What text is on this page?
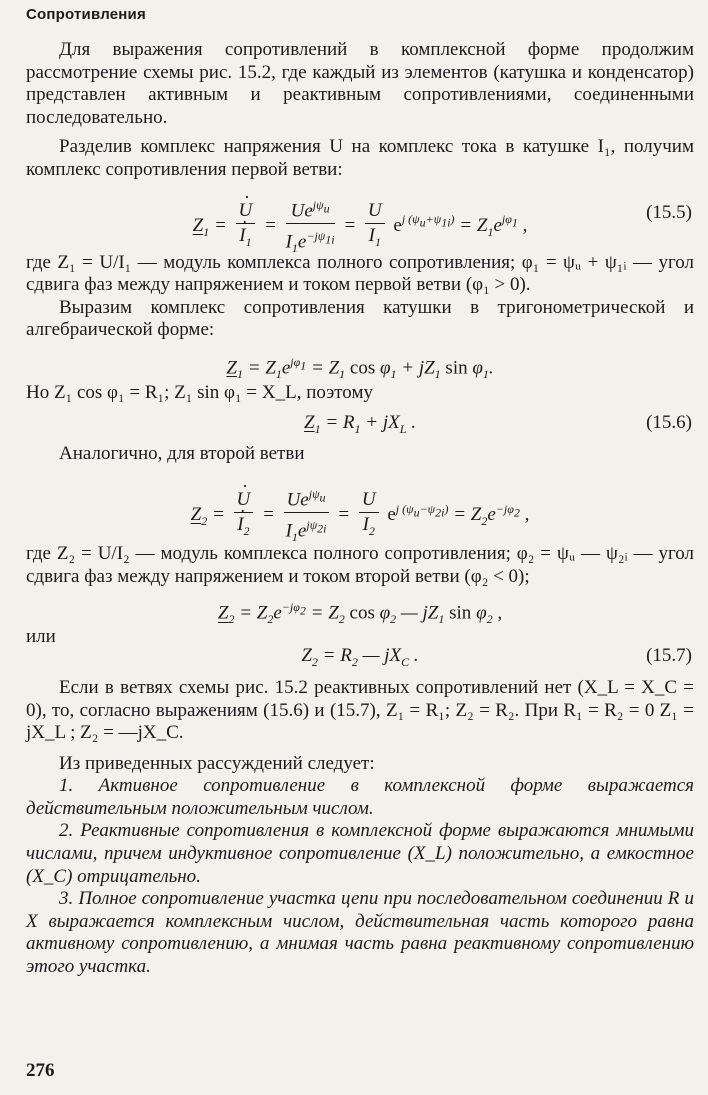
Сопротивления

Для выражения сопротивлений в комплексной форме продолжим рассмотрение схемы рис. 15.2, где каждый из элементов (катушка и конденсатор) представлен активным и реактивным сопротивлениями, соединенными последовательно.

Разделив комплекс напряжения U на комплекс тока в катушке I₁, получим комплекс сопротивления первой ветви:

$Z_1$ = · U
· $I_1 = \frac{Ue^{j\psi_u}}{I_1e^{-j\psi_{1i}}} = \frac{U}{I_1} e^{j (\psi_u+\psi_{1i})} = Z_1e^{j\varphi_1}$ ,
(15.5)

где Z₁ = U/I₁ — модуль комплекса полного сопротивления; φ₁ = ψᵤ + ψ₁ᵢ — угол сдвига фаз между напряжением и током первой ветви (φ₁ > 0).

Выразим комплекс сопротивления катушки в тригонометрической и алгебраической форме:

$Z_1 = Z_1e^{j\varphi_1} = Z_1$ $\cos \varphi_1 + jZ_1$ $\sin \varphi_1$.

Но Z₁ cos φ₁ = R₁; Z₁ sin φ₁ = X_L, поэтому

$Z_1 = R_1 + jX_L$ .	(15.6)

Аналогично, для второй ветви

$Z_2$ = · U
· $I_2 = \frac{Ue^{j\psi_u}}{I_1e^{j\psi_{2i}}} = \frac{U}{I_2} e^{j (\psi_u-\psi_{2i})} = Z_2e^{-j\varphi_2}$ ,

где Z₂ = U/I₂ — модуль комплекса полного сопротивления; φ₂ = ψᵤ — ψ₂ᵢ — угол сдвига фаз между напряжением и током второй ветви (φ₂ < 0);

$Z_2 = Z_2e^{-j\varphi_2} = Z_2$ $\cos \varphi_2$ — $jZ_1$ $\sin \varphi_2$ ,

или

$Z_2 = R_2$ — $jX_C$ .	(15.7)

Если в ветвях схемы рис. 15.2 реактивных сопротивлений нет (X_L = X_C = 0), то, согласно выражениям (15.6) и (15.7), Z₁ = R₁; Z₂ = R₂. При R₁ = R₂ = 0 Z₁ = jX_L ; Z₂ = —jX_C.

Из приведенных рассуждений следует:

1. Активное сопротивление в комплексной форме выражается действительным положительным числом.

2. Реактивные сопротивления в комплексной форме выражаются мнимыми числами, причем индуктивное сопротивление (X_L) положительно, а емкостное (X_C) отрицательно.

3. Полное сопротивление участка цепи при последовательном соединении R и X выражается комплексным числом, действительная часть которого равна активному сопротивлению, а мнимая часть равна реактивному сопротивлению этого участка.

276
